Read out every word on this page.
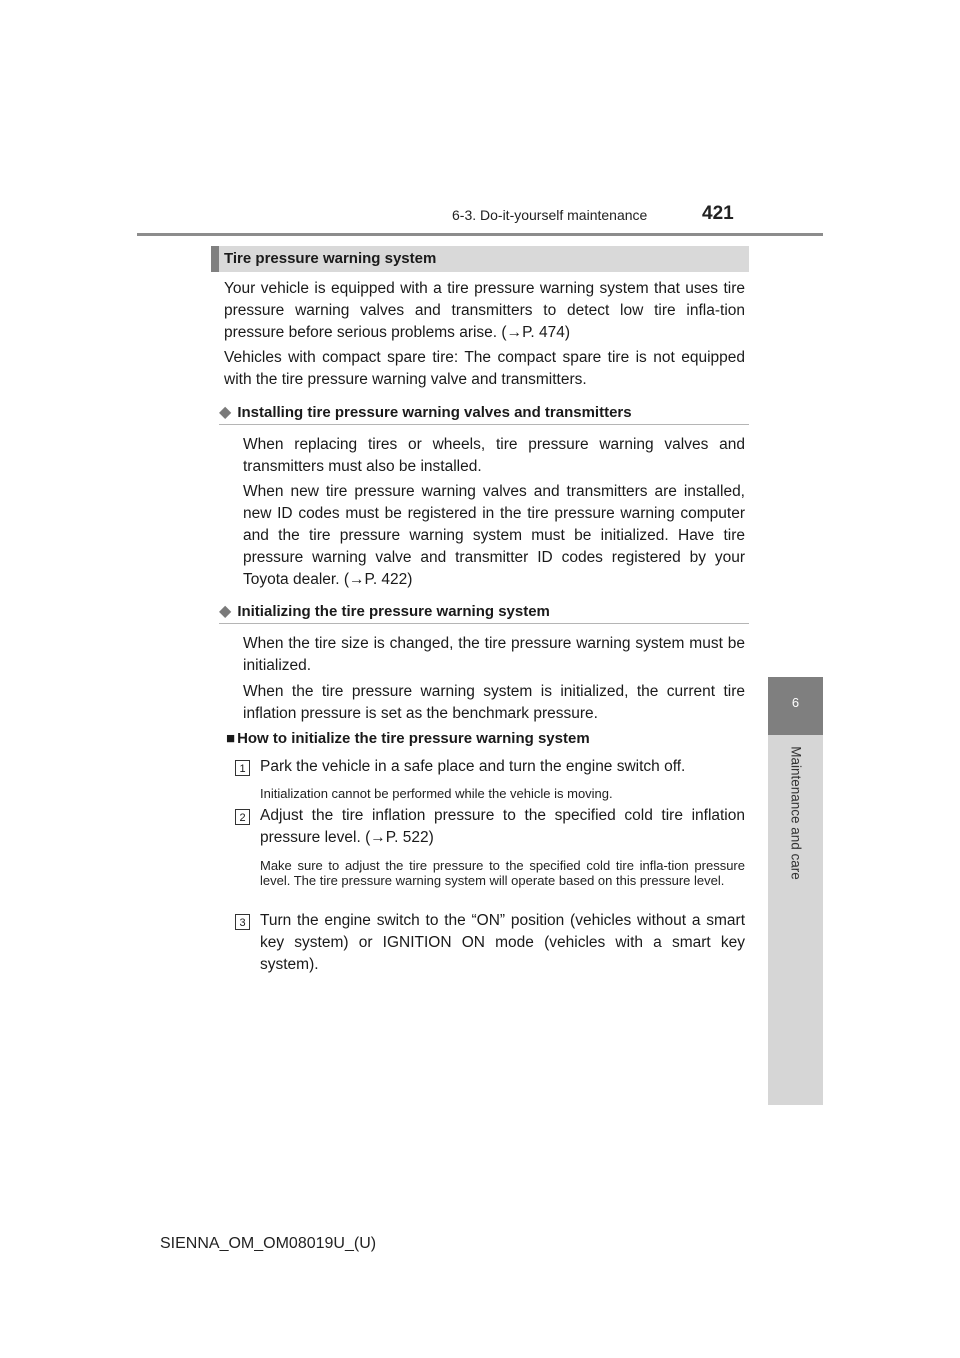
6-3. Do-it-yourself maintenance	421
6
Maintenance and care
Tire pressure warning system
Your vehicle is equipped with a tire pressure warning system that uses tire pressure warning valves and transmitters to detect low tire infla-tion pressure before serious problems arise. (→P. 474)
Vehicles with compact spare tire: The compact spare tire is not equipped with the tire pressure warning valve and transmitters.
◆ Installing tire pressure warning valves and transmitters
When replacing tires or wheels, tire pressure warning valves and transmitters must also be installed.
When new tire pressure warning valves and transmitters are installed, new ID codes must be registered in the tire pressure warning computer and the tire pressure warning system must be initialized. Have tire pressure warning valve and transmitter ID codes registered by your Toyota dealer. (→P. 422)
◆ Initializing the tire pressure warning system
When the tire size is changed, the tire pressure warning system must be initialized.
When the tire pressure warning system is initialized, the current tire inflation pressure is set as the benchmark pressure.
■ How to initialize the tire pressure warning system
1 Park the vehicle in a safe place and turn the engine switch off.
Initialization cannot be performed while the vehicle is moving.
2 Adjust the tire inflation pressure to the specified cold tire inflation pressure level. (→P. 522)
Make sure to adjust the tire pressure to the specified cold tire infla-tion pressure level. The tire pressure warning system will operate based on this pressure level.
3 Turn the engine switch to the “ON” position (vehicles without a smart key system) or IGNITION ON mode (vehicles with a smart key system).
SIENNA_OM_OM08019U_(U)
